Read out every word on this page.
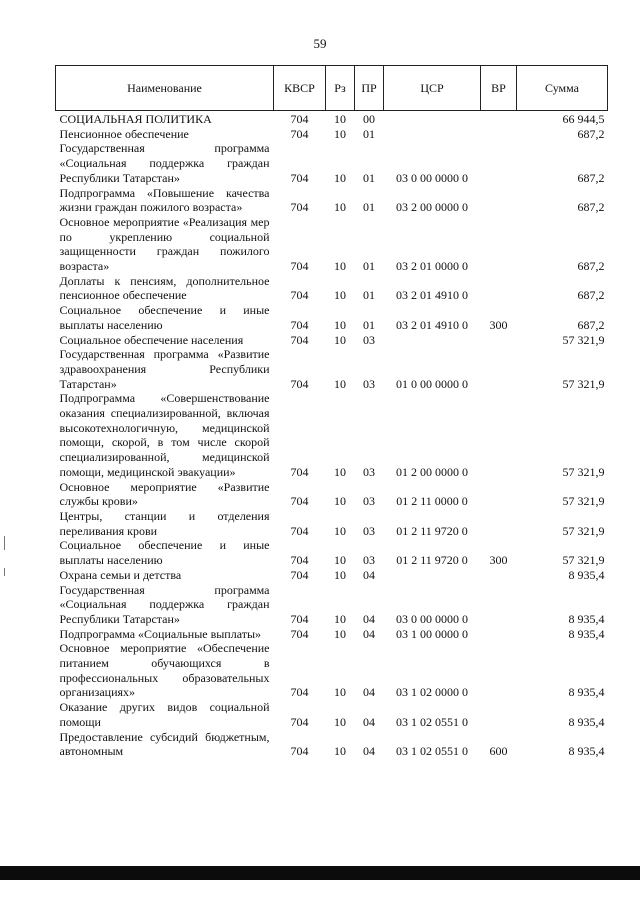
59
Наименование	КВСР	Рз	ПР	ЦСР	ВР	Сумма
СОЦИАЛЬНАЯ ПОЛИТИКА	704	10	00			66 944,5
Пенсионное обеспечение	704	10	01			687,2
Государственная программа «Социальная поддержка граждан Республики Татарстан»	704	10	01	03 0 00 0000 0		687,2
Подпрограмма «Повышение качества жизни граждан пожилого возраста»	704	10	01	03 2 00 0000 0		687,2
Основное мероприятие «Реализация мер по укреплению социальной защищенности граждан пожилого возраста»	704	10	01	03 2 01 0000 0		687,2
Доплаты к пенсиям, дополнительное пенсионное обеспечение	704	10	01	03 2 01 4910 0		687,2
Социальное обеспечение и иные выплаты населению	704	10	01	03 2 01 4910 0	300	687,2
Социальное обеспечение населения	704	10	03			57 321,9
Государственная программа «Развитие здравоохранения Республики Татарстан»	704	10	03	01 0 00 0000 0		57 321,9
Подпрограмма «Совершенствование оказания специализированной, включая высокотехнологичную, медицинской помощи, скорой, в том числе скорой специализированной, медицинской помощи, медицинской эвакуации»	704	10	03	01 2 00 0000 0		57 321,9
Основное мероприятие «Развитие службы крови»	704	10	03	01 2 11 0000 0		57 321,9
Центры, станции и отделения переливания крови	704	10	03	01 2 11 9720 0		57 321,9
Социальное обеспечение и иные выплаты населению	704	10	03	01 2 11 9720 0	300	57 321,9
Охрана семьи и детства	704	10	04			8 935,4
Государственная программа «Социальная поддержка граждан Республики Татарстан»	704	10	04	03 0 00 0000 0		8 935,4
Подпрограмма «Социальные выплаты»	704	10	04	03 1 00 0000 0		8 935,4
Основное мероприятие «Обеспечение питанием обучающихся в профессиональных образовательных организациях»	704	10	04	03 1 02 0000 0		8 935,4
Оказание других видов социальной помощи	704	10	04	03 1 02 0551 0		8 935,4
Предоставление субсидий бюджетным, автономным	704	10	04	03 1 02 0551 0	600	8 935,4
